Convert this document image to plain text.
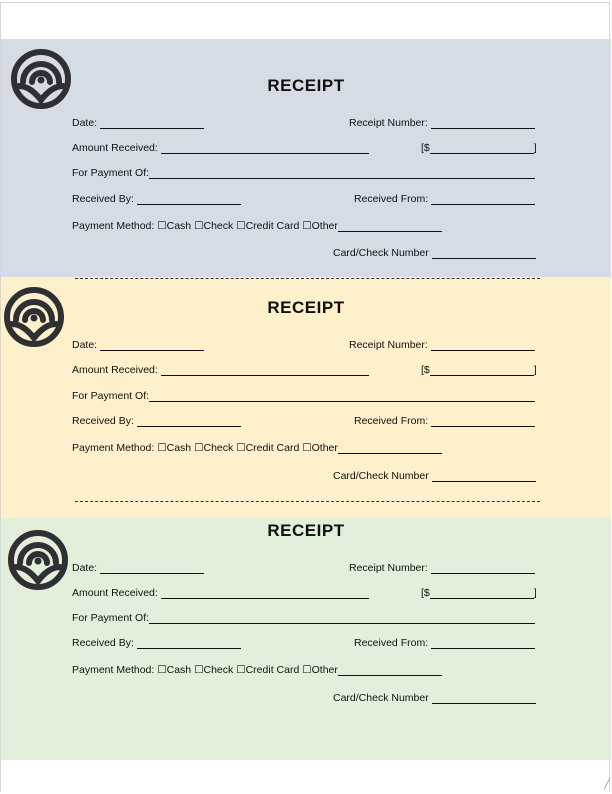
RECEIPT
Date:
	Receipt Number:

Amount Received:
	[$	]
For Payment Of:
Received By:
	Received From:

Payment Method:
☐Cash
☐Check
☐Credit Card
☐Other
Card/Check Number

RECEIPT
Date:
	Receipt Number:

Amount Received:
	[$	]
For Payment Of:
Received By:
	Received From:

Payment Method:
☐Cash
☐Check
☐Credit Card
☐Other
Card/Check Number

RECEIPT
Date:
	Receipt Number:

Amount Received:
	[$	]
For Payment Of:
Received By:
	Received From:

Payment Method:
☐Cash
☐Check
☐Credit Card
☐Other
Card/Check Number

╱
